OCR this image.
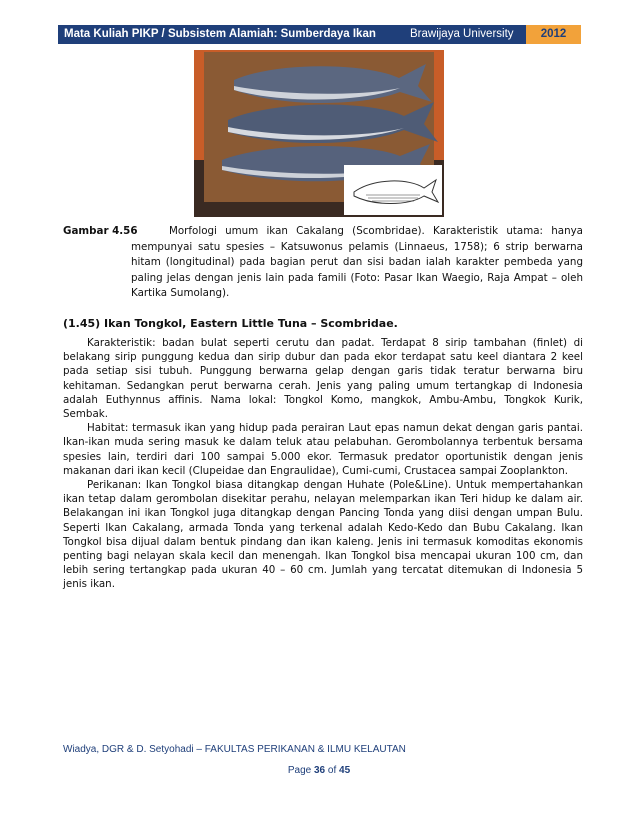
Mata Kuliah PIKP / Subsistem Alamiah: Sumberdaya Ikan	Brawijaya University	2012
Gambar 4.56	Morfologi umum ikan Cakalang (Scombridae). Karakteristik utama: hanya mempunyai satu spesies – Katsuwonus pelamis (Linnaeus, 1758); 6 strip berwarna hitam (longitudinal) pada bagian perut dan sisi badan ialah karakter pembeda yang paling jelas dengan jenis lain pada famili (Foto: Pasar Ikan Waegio, Raja Ampat – oleh Kartika Sumolang).
(1.45) Ikan Tongkol, Eastern Little Tuna – Scombridae.

Karakteristik: badan bulat seperti cerutu dan padat. Terdapat 8 sirip tambahan (finlet) di belakang sirip punggung kedua dan sirip dubur dan pada ekor terdapat satu keel diantara 2 keel pada setiap sisi tubuh. Punggung berwarna gelap dengan garis tidak teratur berwarna biru kehitaman. Sedangkan perut berwarna cerah. Jenis yang paling umum tertangkap di Indonesia adalah Euthynnus affinis. Nama lokal: Tongkol Komo, mangkok, Ambu-Ambu, Tongkok Kurik, Sembak.

Habitat: termasuk ikan yang hidup pada perairan Laut epas namun dekat dengan garis pantai. Ikan-ikan muda sering masuk ke dalam teluk atau pelabuhan. Gerombolannya terbentuk bersama spesies lain, terdiri dari 100 sampai 5.000 ekor. Termasuk predator oportunistik dengan jenis makanan dari ikan kecil (Clupeidae dan Engraulidae), Cumi-cumi, Crustacea sampai Zooplankton.

Perikanan: Ikan Tongkol biasa ditangkap dengan Huhate (Pole&Line). Untuk mempertahankan ikan tetap dalam gerombolan disekitar perahu, nelayan melemparkan ikan Teri hidup ke dalam air. Belakangan ini ikan Tongkol juga ditangkap dengan Pancing Tonda yang diisi dengan umpan Bulu. Seperti Ikan Cakalang, armada Tonda yang terkenal adalah Kedo-Kedo dan Bubu Cakalang. Ikan Tongkol bisa dijual dalam bentuk pindang dan ikan kaleng. Jenis ini termasuk komoditas ekonomis penting bagi nelayan skala kecil dan menengah. Ikan Tongkol bisa mencapai ukuran 100 cm, dan lebih sering tertangkap pada ukuran 40 – 60 cm. Jumlah yang tercatat ditemukan di Indonesia 5 jenis ikan.

Wiadya, DGR & D. Setyohadi – FAKULTAS PERIKANAN & ILMU KELAUTAN
Page 36 of 45
